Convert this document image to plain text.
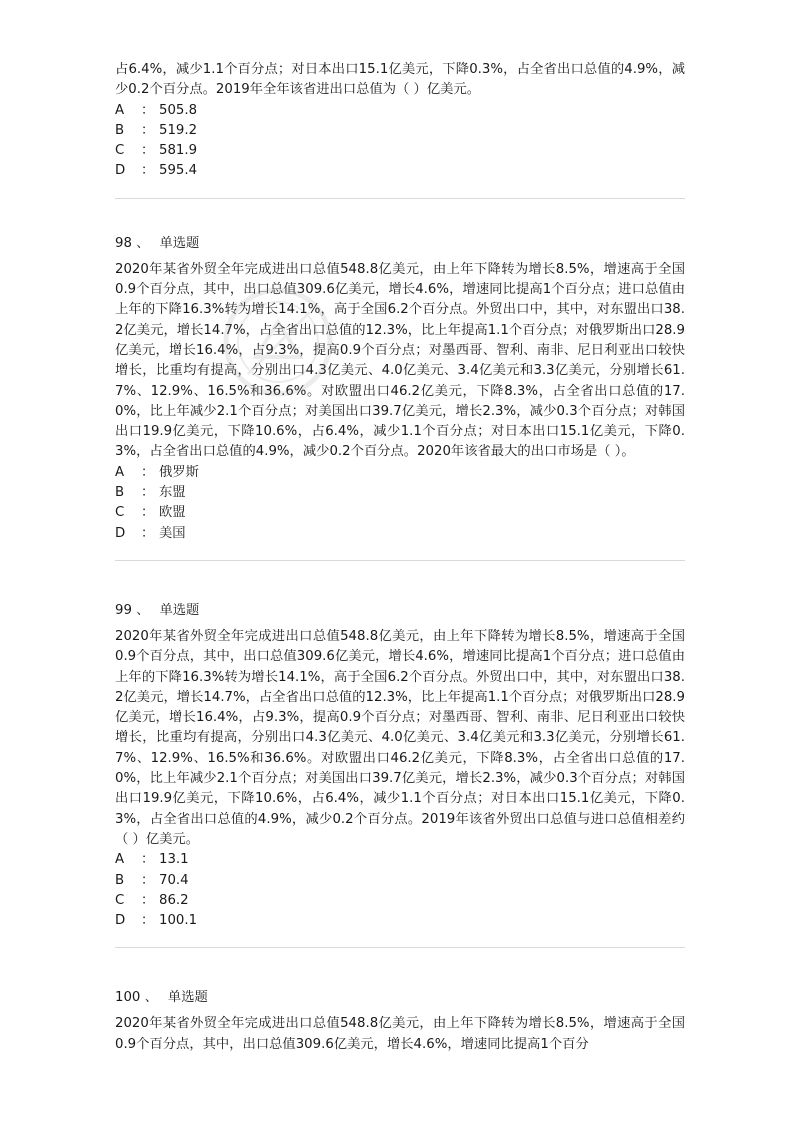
占6.4%，减少1.1个百分点；对日本出口15.1亿美元，下降0.3%，占全省出口总值的4.9%，减少0.2个百分点。2019年全年该省进出口总值为（ ）亿美元。

A ： 505.8
B ： 519.2
C ： 581.9
D ： 595.4
98 、 单选题

2020年某省外贸全年完成进出口总值548.8亿美元，由上年下降转为增长8.5%，增速高于全国0.9个百分点，其中，出口总值309.6亿美元，增长4.6%，增速同比提高1个百分点；进口总值由上年的下降16.3%转为增长14.1%，高于全国6.2个百分点。外贸出口中，其中，对东盟出口38.2亿美元，增长14.7%，占全省出口总值的12.3%，比上年提高1.1个百分点；对俄罗斯出口28.9亿美元，增长16.4%，占9.3%，提高0.9个百分点；对墨西哥、智利、南非、尼日利亚出口较快增长，比重均有提高，分别出口4.3亿美元、4.0亿美元、3.4亿美元和3.3亿美元，分别增长61.7%、12.9%、16.5%和36.6%。对欧盟出口46.2亿美元，下降8.3%，占全省出口总值的17.0%，比上年减少2.1个百分点；对美国出口39.7亿美元，增长2.3%，减少0.3个百分点；对韩国出口19.9亿美元，下降10.6%，占6.4%，减少1.1个百分点；对日本出口15.1亿美元，下降0.3%，占全省出口总值的4.9%，减少0.2个百分点。2020年该省最大的出口市场是（ ）。

A ： 俄罗斯
B ： 东盟
C ： 欧盟
D ： 美国
99 、 单选题

2020年某省外贸全年完成进出口总值548.8亿美元，由上年下降转为增长8.5%，增速高于全国0.9个百分点，其中，出口总值309.6亿美元，增长4.6%，增速同比提高1个百分点；进口总值由上年的下降16.3%转为增长14.1%，高于全国6.2个百分点。外贸出口中，其中，对东盟出口38.2亿美元，增长14.7%，占全省出口总值的12.3%，比上年提高1.1个百分点；对俄罗斯出口28.9亿美元，增长16.4%，占9.3%，提高0.9个百分点；对墨西哥、智利、南非、尼日利亚出口较快增长，比重均有提高，分别出口4.3亿美元、4.0亿美元、3.4亿美元和3.3亿美元，分别增长61.7%、12.9%、16.5%和36.6%。对欧盟出口46.2亿美元，下降8.3%，占全省出口总值的17.0%，比上年减少2.1个百分点；对美国出口39.7亿美元，增长2.3%，减少0.3个百分点；对韩国出口19.9亿美元，下降10.6%，占6.4%，减少1.1个百分点；对日本出口15.1亿美元，下降0.3%，占全省出口总值的4.9%，减少0.2个百分点。2019年该省外贸出口总值与进口总值相差约（ ）亿美元。

A ： 13.1
B ： 70.4
C ： 86.2
D ： 100.1
100 、 单选题

2020年某省外贸全年完成进出口总值548.8亿美元，由上年下降转为增长8.5%，增速高于全国0.9个百分点，其中，出口总值309.6亿美元，增长4.6%，增速同比提高1个百分
